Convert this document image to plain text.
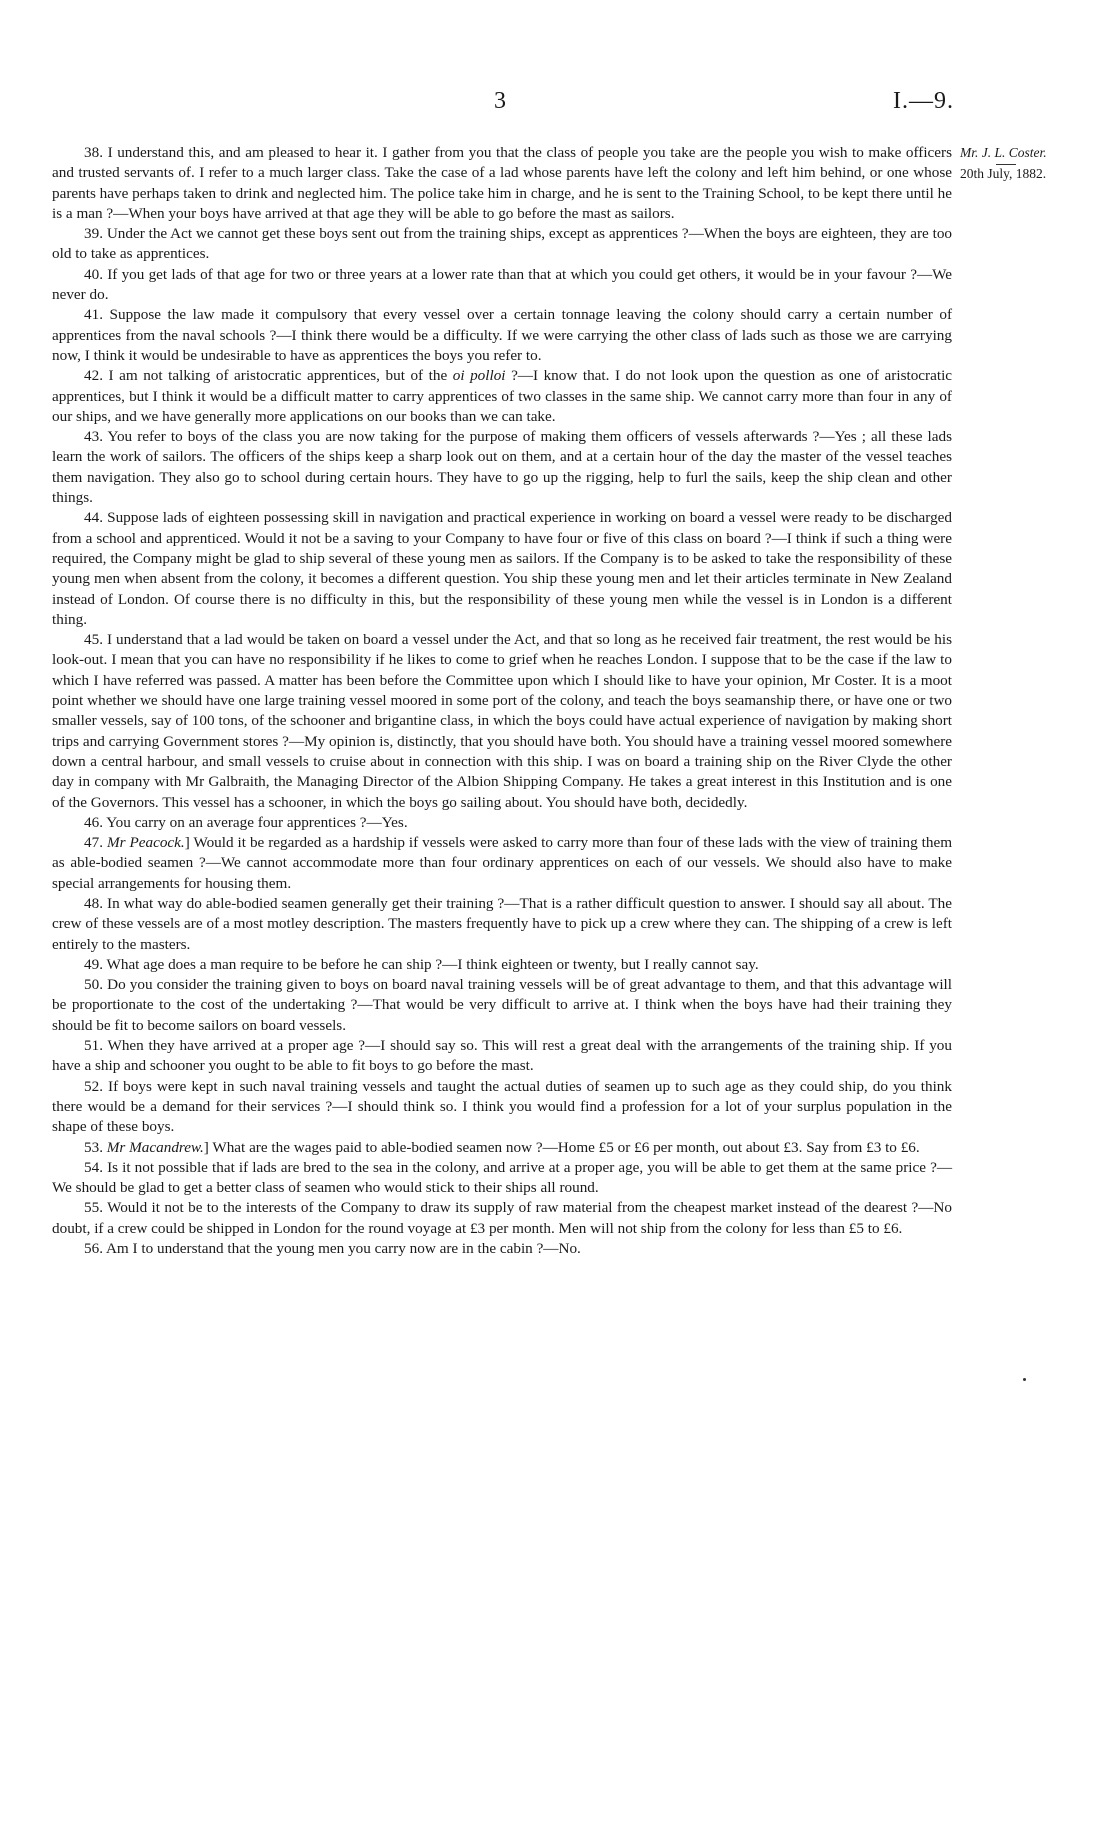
3	I.—9.
Mr. J. L. Coster.
20th July, 1882.

38. I understand this, and am pleased to hear it. I gather from you that the class of people you take are the people you wish to make officers and trusted servants of. I refer to a much larger class. Take the case of a lad whose parents have left the colony and left him behind, or one whose parents have perhaps taken to drink and neglected him. The police take him in charge, and he is sent to the Training School, to be kept there until he is a man ?—When your boys have arrived at that age they will be able to go before the mast as sailors.

39. Under the Act we cannot get these boys sent out from the training ships, except as apprentices ?—When the boys are eighteen, they are too old to take as apprentices.

40. If you get lads of that age for two or three years at a lower rate than that at which you could get others, it would be in your favour ?—We never do.

41. Suppose the law made it compulsory that every vessel over a certain tonnage leaving the colony should carry a certain number of apprentices from the naval schools ?—I think there would be a difficulty. If we were carrying the other class of lads such as those we are carrying now, I think it would be undesirable to have as apprentices the boys you refer to.

42. I am not talking of aristocratic apprentices, but of the oi polloi ?—I know that. I do not look upon the question as one of aristocratic apprentices, but I think it would be a difficult matter to carry apprentices of two classes in the same ship. We cannot carry more than four in any of our ships, and we have generally more applications on our books than we can take.

43. You refer to boys of the class you are now taking for the purpose of making them officers of vessels afterwards ?—Yes ; all these lads learn the work of sailors. The officers of the ships keep a sharp look out on them, and at a certain hour of the day the master of the vessel teaches them navigation. They also go to school during certain hours. They have to go up the rigging, help to furl the sails, keep the ship clean and other things.

44. Suppose lads of eighteen possessing skill in navigation and practical experience in working on board a vessel were ready to be discharged from a school and apprenticed. Would it not be a saving to your Company to have four or five of this class on board ?—I think if such a thing were required, the Company might be glad to ship several of these young men as sailors. If the Company is to be asked to take the responsibility of these young men when absent from the colony, it becomes a different question. You ship these young men and let their articles terminate in New Zealand instead of London. Of course there is no difficulty in this, but the responsibility of these young men while the vessel is in London is a different thing.

45. I understand that a lad would be taken on board a vessel under the Act, and that so long as he received fair treatment, the rest would be his look-out. I mean that you can have no responsibility if he likes to come to grief when he reaches London. I suppose that to be the case if the law to which I have referred was passed. A matter has been before the Committee upon which I should like to have your opinion, Mr Coster. It is a moot point whether we should have one large training vessel moored in some port of the colony, and teach the boys seamanship there, or have one or two smaller vessels, say of 100 tons, of the schooner and brigantine class, in which the boys could have actual experience of navigation by making short trips and carrying Government stores ?—My opinion is, distinctly, that you should have both. You should have a training vessel moored somewhere down a central harbour, and small vessels to cruise about in connection with this ship. I was on board a training ship on the River Clyde the other day in company with Mr Galbraith, the Managing Director of the Albion Shipping Company. He takes a great interest in this Institution and is one of the Governors. This vessel has a schooner, in which the boys go sailing about. You should have both, decidedly.

46. You carry on an average four apprentices ?—Yes.

47. Mr Peacock.] Would it be regarded as a hardship if vessels were asked to carry more than four of these lads with the view of training them as able-bodied seamen ?—We cannot accommodate more than four ordinary apprentices on each of our vessels. We should also have to make special arrangements for housing them.

48. In what way do able-bodied seamen generally get their training ?—That is a rather difficult question to answer. I should say all about. The crew of these vessels are of a most motley description. The masters frequently have to pick up a crew where they can. The shipping of a crew is left entirely to the masters.

49. What age does a man require to be before he can ship ?—I think eighteen or twenty, but I really cannot say.

50. Do you consider the training given to boys on board naval training vessels will be of great advantage to them, and that this advantage will be proportionate to the cost of the undertaking ?—That would be very difficult to arrive at. I think when the boys have had their training they should be fit to become sailors on board vessels.

51. When they have arrived at a proper age ?—I should say so. This will rest a great deal with the arrangements of the training ship. If you have a ship and schooner you ought to be able to fit boys to go before the mast.

52. If boys were kept in such naval training vessels and taught the actual duties of seamen up to such age as they could ship, do you think there would be a demand for their services ?—I should think so. I think you would find a profession for a lot of your surplus population in the shape of these boys.

53. Mr Macandrew.] What are the wages paid to able-bodied seamen now ?—Home £5 or £6 per month, out about £3. Say from £3 to £6.

54. Is it not possible that if lads are bred to the sea in the colony, and arrive at a proper age, you will be able to get them at the same price ?—We should be glad to get a better class of seamen who would stick to their ships all round.

55. Would it not be to the interests of the Company to draw its supply of raw material from the cheapest market instead of the dearest ?—No doubt, if a crew could be shipped in London for the round voyage at £3 per month. Men will not ship from the colony for less than £5 to £6.

56. Am I to understand that the young men you carry now are in the cabin ?—No.
